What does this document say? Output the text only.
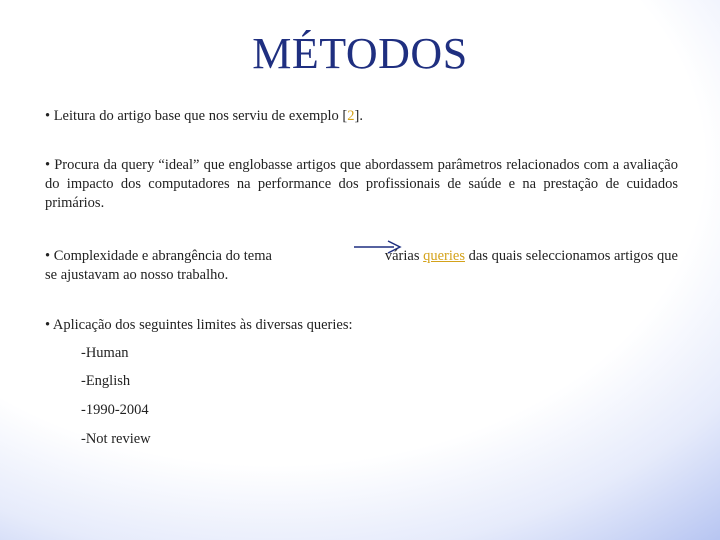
MÉTODOS

• Leitura do artigo base que nos serviu de exemplo [2].

• Procura da query “ideal” que englobasse artigos que abordassem parâmetros relacionados com a avaliação do impacto dos computadores na performance dos profissionais de saúde e na prestação de cuidados primários.

• Complexidade e abrangência do tema	várias queries das quais seleccionamos artigos que
se ajustavam ao nosso trabalho.

• Aplicação dos seguintes limites às diversas queries:

-Human
-English
-1990-2004
-Not review
